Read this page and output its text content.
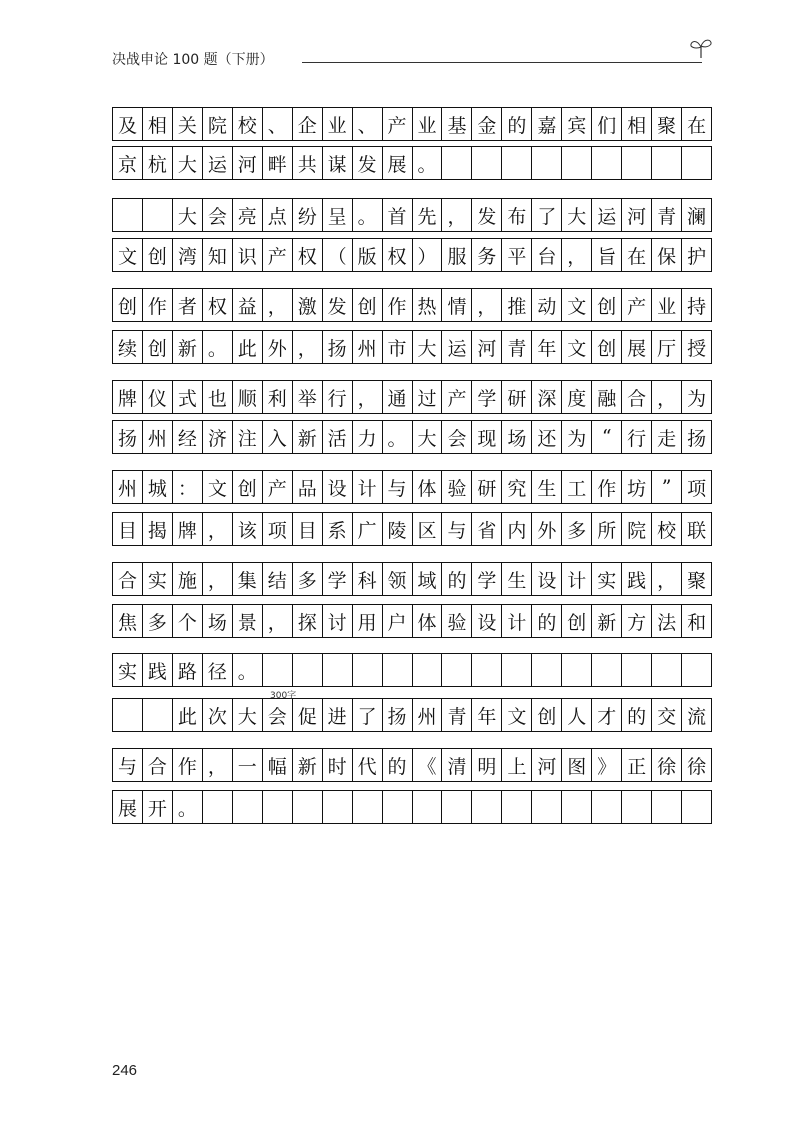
决战申论 100 题（下册）
及 相 关 院 校 、 企 业 、 产 业 基 金 的 嘉 宾 们 相 聚 在
京 杭 大 运 河 畔 共 谋 发 展 。
大 会 亮 点 纷 呈 。 首 先 ， 发 布 了 大 运 河 青 澜
文 创 湾 知 识 产 权 （ 版 权 ） 服 务 平 台 ， 旨 在 保 护
创 作 者 权 益 ， 激 发 创 作 热 情 ， 推 动 文 创 产 业 持
续 创 新 。 此 外 ， 扬 州 市 大 运 河 青 年 文 创 展 厅 授
牌 仪 式 也 顺 利 举 行 ， 通 过 产 学 研 深 度 融 合 ， 为
扬 州 经 济 注 入 新 活 力 。 大 会 现 场 还 为 “ 行 走 扬
州 城 ： 文 创 产 品 设 计 与 体 验 研 究 生 工 作 坊 ” 项
目 揭 牌 ， 该 项 目 系 广 陵 区 与 省 内 外 多 所 院 校 联
合 实 施 ， 集 结 多 学 科 领 域 的 学 生 设 计 实 践 ， 聚
焦 多 个 场 景 ， 探 讨 用 户 体 验 设 计 的 创 新 方 法 和
实 践 路 径 。
此 次 大 会 促 进 了 扬 州 青 年 文 创 人 才 的 交 流
与 合 作 ， 一 幅 新 时 代 的 《 清 明 上 河 图 》 正 徐 徐
展 开 。
300字
246
